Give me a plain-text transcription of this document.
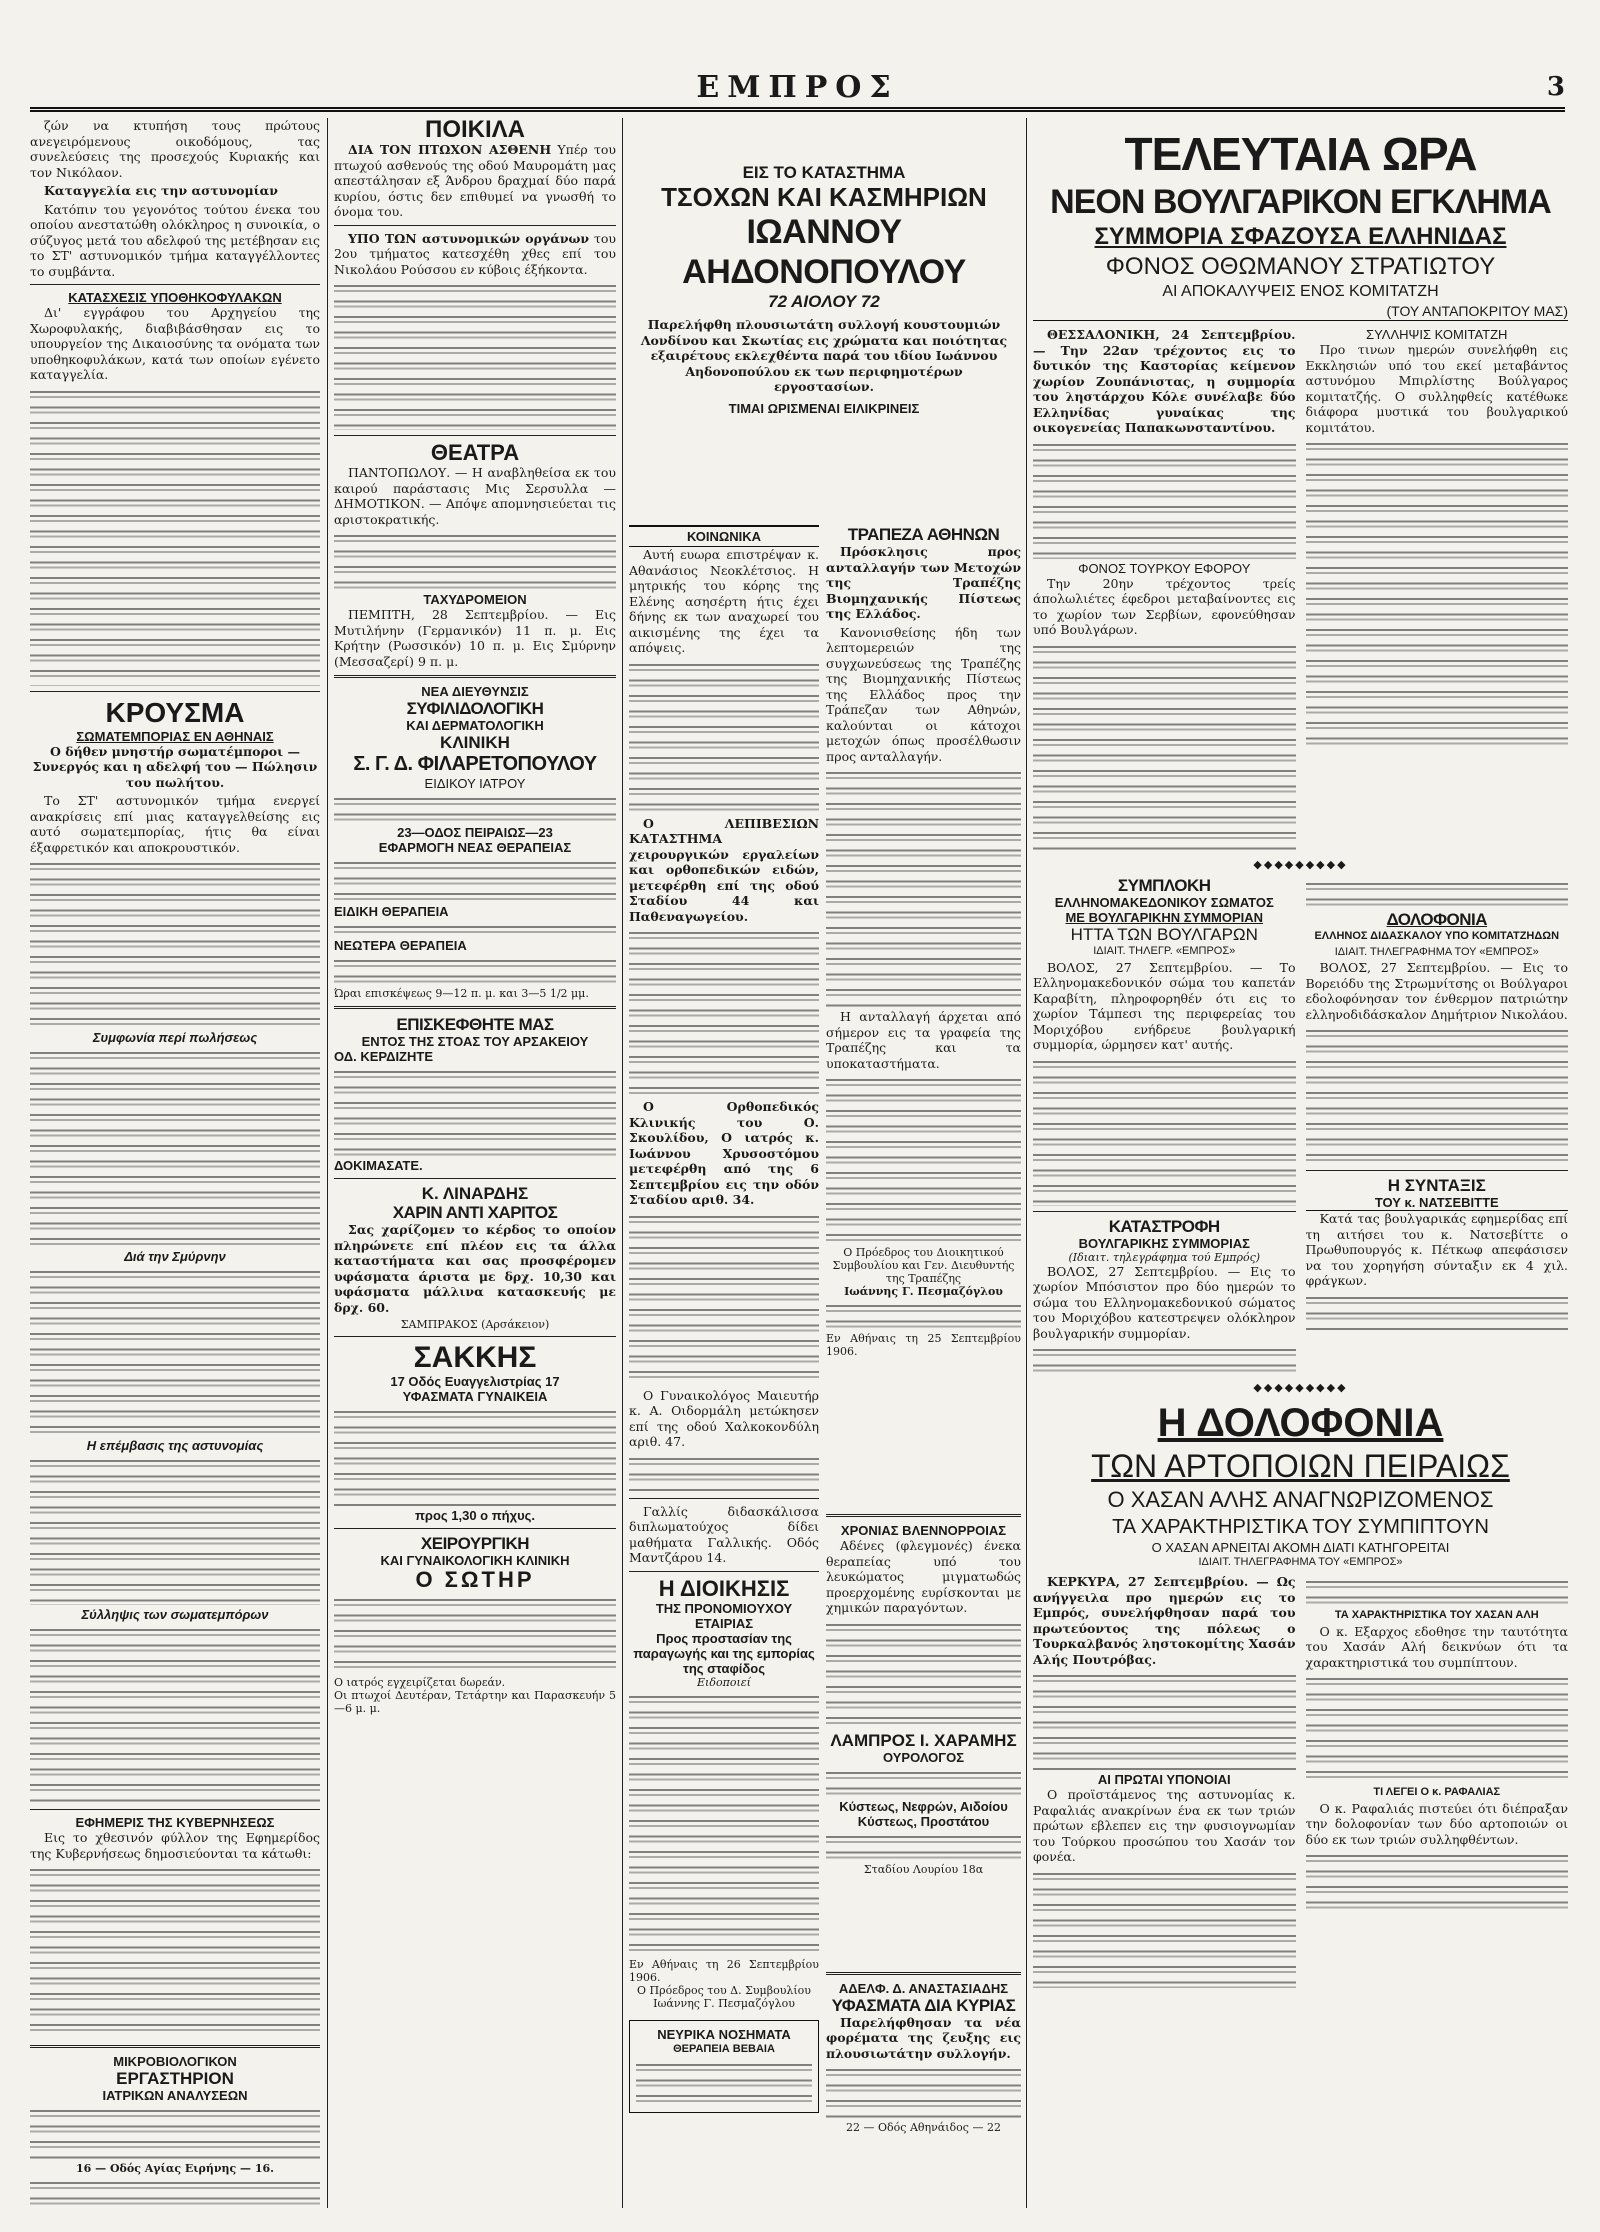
ΕΜΠΡΟΣ	3

ζών να κτυπήση τους πρώτους ανεγειρόμενους οικοδόμους, τας συνελεύσεις της προσεχούς Κυριακής και τον Νικόλαον.

Καταγγελία εις την αστυνομίαν

Κατόπιν του γεγονότος τούτου ένεκα του οποίου ανεστατώθη ολόκληρος η συνοικία, ο σύζυγος μετά του αδελφού της μετέβησαν εις το ΣΤ' αστυνομικόν τμήμα καταγγέλλοντες το συμβάντα.

ΚΑΤΑΣΧΕΣΙΣ ΥΠΟΘΗΚΟΦΥΛΑΚΩΝ

Δι' εγγράφου του Αρχηγείου της Χωροφυλακής, διαβιβάσθησαν εις το υπουργείον της Δικαιοσύνης τα ονόματα των υποθηκοφυλάκων, κατά των οποίων εγένετο καταγγελία.

ΚΡΟΥΣΜΑ
ΣΩΜΑΤΕΜΠΟΡΙΑΣ ΕΝ ΑΘΗΝΑΙΣ

Ο δήθεν μνηστήρ σωματέμποροι — Συνεργός και η αδελφή του — Πώλησιν του πωλήτου.

Το ΣΤ' αστυνομικόν τμήμα ενεργεί ανακρίσεις επί μιας καταγγελθείσης εις αυτό σωματεμπορίας, ήτις θα είναι έξαφρετικόν και αποκρουστικόν.

Συμφωνία περί πωλήσεως
Διά την Σμύρνην
Η επέμβασις της αστυνομίας
Σύλληψις των σωματεμπόρων
ΕΦΗΜΕΡΙΣ ΤΗΣ ΚΥΒΕΡΝΗΣΕΩΣ

Εις το χθεσινόν φύλλον της Εφημερίδος της Κυβερνήσεως δημοσιεύονται τα κάτωθι:

ΜΙΚΡΟΒΙΟΛΟΓΙΚΟΝ
ΕΡΓΑΣΤΗΡΙΟΝ
ΙΑΤΡΙΚΩΝ ΑΝΑΛΥΣΕΩΝ
16 — Οδός Αγίας Ειρήνης — 16.
ΠΟΙΚΙΛΑ

ΔΙΑ ΤΟΝ ΠΤΩΧΟΝ ΑΣΘΕΝΗ Υπέρ του πτωχού ασθενούς της οδού Μαυρομάτη μας απεστάλησαν εξ Άνδρου δραχμαί δύο παρά κυρίου, όστις δεν επιθυμεί να γνωσθή το όνομα του.

ΥΠΟ ΤΩΝ αστυνομικών οργάνων του 2ου τμήματος κατεσχέθη χθες επί του Νικολάου Ρούσσου εν κύβοις έξήκοντα.

ΘΕΑΤΡΑ

ΠΑΝΤΟΠΩΛΟΥ. — Η αναβληθείσα εκ του καιρού παράστασις Μις Σερσυλλα — ΔΗΜΟΤΙΚΟΝ. — Απόψε απομνησιεύεται τις αριστοκρατικής.

ΤΑΧΥΔΡΟΜΕΙΟΝ

ΠΕΜΠΤΗ, 28 Σεπτεμβρίου. — Εις Μυτιλήνην (Γερμανικόν) 11 π. μ. Εις Κρήτην (Ρωσσικόν) 10 π. μ. Εις Σμύρνην (Μεσσαζερί) 9 π. μ.

ΝΕΑ ΔΙΕΥΘΥΝΣΙΣ
ΣΥΦΙΛΙΔΟΛΟΓΙΚΗ
ΚΑΙ ΔΕΡΜΑΤΟΛΟΓΙΚΗ
ΚΛΙΝΙΚΗ
Σ. Γ. Δ. ΦΙΛΑΡΕΤΟΠΟΥΛΟΥ
ΕΙΔΙΚΟΥ ΙΑΤΡΟΥ
23—ΟΔΟΣ ΠΕΙΡΑΙΩΣ—23
ΕΦΑΡΜΟΓΗ ΝΕΑΣ ΘΕΡΑΠΕΙΑΣ
ΕΙΔΙΚΗ ΘΕΡΑΠΕΙΑ
ΝΕΩΤΕΡΑ ΘΕΡΑΠΕΙΑ
Ώραι επισκέψεως 9—12 π. μ. και 3—5 1/2 μμ.
ΕΠΙΣΚΕΦΘΗΤΕ ΜΑΣ
ΕΝΤΟΣ ΤΗΣ ΣΤΟΑΣ ΤΟΥ ΑΡΣΑΚΕΙΟΥ
ΟΔ. ΚΕΡΔΙΖΗΤΕ
ΔΟΚΙΜΑΣΑΤΕ.
Κ. ΛΙΝΑΡΔΗΣ
ΧΑΡΙΝ ΑΝΤΙ ΧΑΡΙΤΟΣ

Σας χαρίζομεν το κέρδος το οποίον πληρώνετε επί πλέον εις τα άλλα καταστήματα και σας προσφέρομεν υφάσματα άριστα με δρχ. 10,30 και υφάσματα μάλλινα κατασκευής με δρχ. 60.

ΣΑΜΠΡΑΚΟΣ (Αρσάκειον)
ΣΑΚΚΗΣ
17 Οδός Ευαγγελιστρίας 17
ΥΦΑΣΜΑΤΑ ΓΥΝΑΙΚΕΙΑ
προς 1,30 ο πήχυς.
ΧΕΙΡΟΥΡΓΙΚΗ
ΚΑΙ ΓΥΝΑΙΚΟΛΟΓΙΚΗ ΚΛΙΝΙΚΗ
Ο ΣΩΤΗΡ
Ο ιατρός εγχειρίζεται δωρεάν.
Οι πτωχοί Δευτέραν, Τετάρτην και Παρασκευήν 5—6 μ. μ.
ΕΙΣ ΤΟ ΚΑΤΑΣΤΗΜΑ
ΤΣΟΧΩΝ ΚΑΙ ΚΑΣΜΗΡΙΩΝ
ΙΩΑΝΝΟΥ ΑΗΔΟΝΟΠΟΥΛΟΥ
72 ΑΙΟΛΟΥ 72

Παρελήφθη πλουσιωτάτη συλλογή κουστουμιών Λονδίνου και Σκωτίας εις χρώματα και ποιότητας εξαιρέτους εκλεχθέντα παρά του ιδίου Ιωάννου Αηδονοπούλου εκ των περιφημοτέρων εργοστασίων.

ΤΙΜΑΙ ΩΡΙΣΜΕΝΑΙ ΕΙΛΙΚΡΙΝΕΙΣ
ΚΟΙΝΩΝΙΚΑ

Αυτή ευωρα επιστρέψαν κ. Αθανάσιος Νεοκλέτσιος. Η μητρικής του κόρης της Ελένης ασησέρτη ήτις έχει δήνης εκ των αναχωρεί του αικισμένης της έχει τα απόψεις.

Ο ΛΕΠΙΒΕΣΙΩΝ ΚΑΤΑΣΤΗΜΑ χειρουργικών εργαλείων και ορθοπεδικών ειδών, μετεφέρθη επί της οδού Σταδίου 44 και Παθεναγωγείου.

Ο Ορθοπεδικός Κλινικής του Ο. Σκουλίδου, Ο ιατρός κ. Ιωάννου Χρυσοστόμου μετεφέρθη από της 6 Σεπτεμβρίου εις την οδόν Σταδίου αριθ. 34.

Ο Γυναικολόγος Μαιευτήρ κ. Α. Οιδορμάλη μετώκησεν επί της οδού Χαλκοκονδύλη αριθ. 47.

Γαλλίς διδασκάλισσα διπλωματούχος δίδει μαθήματα Γαλλικής. Οδός Μαντζάρου 14.

Η ΔΙΟΙΚΗΣΙΣ
ΤΗΣ ΠΡΟΝΟΜΙΟΥΧΟΥ ΕΤΑΙΡΙΑΣ
Προς προστασίαν της παραγωγής και της εμπορίας της σταφίδος
Ειδοποιεί
Εν Αθήναις τη 26 Σεπτεμβρίου 1906.
Ο Πρόεδρος του Δ. Συμβουλίου Ιωάννης Γ. Πεσμαζόγλου
ΝΕΥΡΙΚΑ ΝΟΣΗΜΑΤΑ
ΘΕΡΑΠΕΙΑ ΒΕΒΑΙΑ
ΤΡΑΠΕΖΑ ΑΘΗΝΩΝ

Πρόσκλησις προς ανταλλαγήν των Μετοχών της Τραπέζης Βιομηχανικής Πίστεως της Ελλάδος.

Κανονισθείσης ήδη των λεπτομερειών της συγχωνεύσεως της Τραπέζης της Βιομηχανικής Πίστεως της Ελλάδος προς την Τράπεζαν των Αθηνών, καλούνται οι κάτοχοι μετοχών όπως προσέλθωσιν προς ανταλλαγήν.

Η ανταλλαγή άρχεται από σήμερον εις τα γραφεία της Τραπέζης και τα υποκαταστήματα.

Ο Πρόεδρος του Διοικητικού Συμβουλίου και Γεν. Διευθυντής της Τραπέζης
Ιωάννης Γ. Πεσμαζόγλου
Εν Αθήναις τη 25 Σεπτεμβρίου 1906.
ΧΡΟΝΙΑΣ ΒΛΕΝΝΟΡΡΟΙΑΣ

Αδένες (φλεγμονές) ένεκα θεραπείας υπό του λευκώματος μιγματωδώς προερχομένης ευρίσκονται με χημικών παραγόντων.

ΛΑΜΠΡΟΣ Ι. ΧΑΡΑΜΗΣ
ΟΥΡΟΛΟΓΟΣ
Κύστεως, Νεφρών, Αιδοίου Κύστεως, Προστάτου
Σταδίου Λουρίου 18α
ΑΔΕΛΦ. Δ. ΑΝΑΣΤΑΣΙΑΔΗΣ
ΥΦΑΣΜΑΤΑ ΔΙΑ ΚΥΡΙΑΣ

Παρελήφθησαν τα νέα φορέματα της ζευξης εις πλουσιωτάτην συλλογήν.

22 — Οδός Αθηνάιδος — 22
ΤΕΛΕΥΤΑΙΑ ΩΡΑ
ΝΕΟΝ ΒΟΥΛΓΑΡΙΚΟΝ ΕΓΚΛΗΜΑ
ΣΥΜΜΟΡΙΑ ΣΦΑΖΟΥΣΑ ΕΛΛΗΝΙΔΑΣ
ΦΟΝΟΣ ΟΘΩΜΑΝΟΥ ΣΤΡΑΤΙΩΤΟΥ
ΑΙ ΑΠΟΚΑΛΥΨΕΙΣ ΕΝΟΣ ΚΟΜΙΤΑΤΖΗ
(ΤΟΥ ΑΝΤΑΠΟΚΡΙΤΟΥ ΜΑΣ)

ΘΕΣΣΑΛΟΝΙΚΗ, 24 Σεπτεμβρίου. — Την 22αν τρέχοντος εις το δυτικόν της Καστορίας κείμενον χωρίον Ζουπάνιστας, η συμμορία του ληστάρχου Κόλε συνέλαβε δύο Ελληνίδας γυναίκας της οικογενείας Παπακωνσταντίνου.

ΦΟΝΟΣ ΤΟΥΡΚΟΥ ΕΦΟΡΟΥ

Την 20ην τρέχοντος τρείς άπολωλιέτες έφεδροι μεταβαίνοντες εις το χωρίον των Σερβίων, εφονεύθησαν υπό Βουλγάρων.

ΣΥΛΛΗΨΙΣ ΚΟΜΙΤΑΤΖΗ

Προ τινων ημερών συνελήφθη εις Εκκλησιών υπό του εκεί μεταβάντος αστυνόμου Μπιρλίστης Βούλγαρος κομιτατζής. Ο συλληφθείς κατέθωκε διάφορα μυστικά του βουλγαρικού κομιτάτου.

◆◆◆◆◆◆◆◆◆
ΣΥΜΠΛΟΚΗ
ΕΛΛΗΝΟΜΑΚΕΔΟΝΙΚΟΥ ΣΩΜΑΤΟΣ
ΜΕ ΒΟΥΛΓΑΡΙΚΗΝ ΣΥΜΜΟΡΙΑΝ
ΗΤΤΑ ΤΩΝ ΒΟΥΛΓΑΡΩΝ
ΙΔΙΑΙΤ. ΤΗΛΕΓΡ. «ΕΜΠΡΟΣ»

ΒΟΛΟΣ, 27 Σεπτεμβρίου. — Το Ελληνομακεδονικόν σώμα του καπετάν Καραβίτη, πληροφορηθέν ότι εις το χωρίον Τάμπεσι της περιφερείας του Μοριχόβου ενήδρευε βουλγαρική συμμορία, ώρμησεν κατ' αυτής.

ΚΑΤΑΣΤΡΟΦΗ
ΒΟΥΛΓΑΡΙΚΗΣ ΣΥΜΜΟΡΙΑΣ
(Ιδιαιτ. τηλεγράφημα τού Εμπρός)

ΒΟΛΟΣ, 27 Σεπτεμβρίου. — Εις το χωρίον Μπόσιστον προ δύο ημερών το σώμα του Ελληνομακεδονικού σώματος του Μοριχόβου κατεστρεψεν ολόκληρον βουλγαρικήν συμμορίαν.

ΔΟΛΟΦΟΝΙΑ
ΕΛΛΗΝΟΣ ΔΙΔΑΣΚΑΛΟΥ ΥΠΟ ΚΟΜΙΤΑΤΖΗΔΩΝ
ΙΔΙΑΙΤ. ΤΗΛΕΓΡΑΦΗΜΑ ΤΟΥ «ΕΜΠΡΟΣ»

ΒΟΛΟΣ, 27 Σεπτεμβρίου. — Εις το Βορειόδυ της Στρωμνίτσης οι Βούλγαροι εδολοφόνησαν τον ένθερμον πατριώτην ελληνοδιδάσκαλον Δημήτριον Νικολάου.

Η ΣΥΝΤΑΞΙΣ
ΤΟΥ κ. ΝΑΤΣΕΒΙΤΤΕ

Κατά τας βουλγαρικάς εφημερίδας επί τη αιτήσει του κ. Νατσεβίττε ο Πρωθυπουργός κ. Πέτκωφ απεφάσισεν να του χορηγήση σύνταξιν εκ 4 χιλ. φράγκων.

◆◆◆◆◆◆◆◆◆
Η ΔΟΛΟΦΟΝΙΑ
ΤΩΝ ΑΡΤΟΠΟΙΩΝ ΠΕΙΡΑΙΩΣ
Ο ΧΑΣΑΝ ΑΛΗΣ ΑΝΑΓΝΩΡΙΖΟΜΕΝΟΣ
ΤΑ ΧΑΡΑΚΤΗΡΙΣΤΙΚΑ ΤΟΥ ΣΥΜΠΙΠΤΟΥΝ
Ο ΧΑΣΑΝ ΑΡΝΕΙΤΑΙ ΑΚΟΜΗ ΔΙΑΤΙ ΚΑΤΗΓΟΡΕΙΤΑΙ
ΙΔΙΑΙΤ. ΤΗΛΕΓΡΑΦΗΜΑ ΤΟΥ «ΕΜΠΡΟΣ»

ΚΕΡΚΥΡΑ, 27 Σεπτεμβρίου. — Ως ανήγγειλα προ ημερών εις το Εμπρός, συνελήφθησαν παρά του πρωτεύοντος της πόλεως ο Τουρκαλβανός ληστοκομίτης Χασάν Αλής Πουτρόβας.

ΑΙ ΠΡΩΤΑΙ ΥΠΟΝΟΙΑΙ

Ο προϊστάμενος της αστυνομίας κ. Ραφαλιάς ανακρίνων ένα εκ των τριών πρώτων εβλεπεν εις την φυσιογνωμίαν του Τούρκου προσώπου του Χασάν τον φονέα.

ΤΑ ΧΑΡΑΚΤΗΡΙΣΤΙΚΑ ΤΟΥ ΧΑΣΑΝ ΑΛΗ

Ο κ. Εξαρχος εδοθησε την ταυτότητα του Χασάν Αλή δεικνύων ότι τα χαρακτηριστικά του συμπίπτουν.

ΤΙ ΛΕΓΕΙ Ο κ. ΡΑΦΑΛΙΑΣ

Ο κ. Ραφαλιάς πιστεύει ότι διέπραξαν την δολοφονίαν των δύο αρτοποιών οι δύο εκ των τριών συλληφθέντων.
